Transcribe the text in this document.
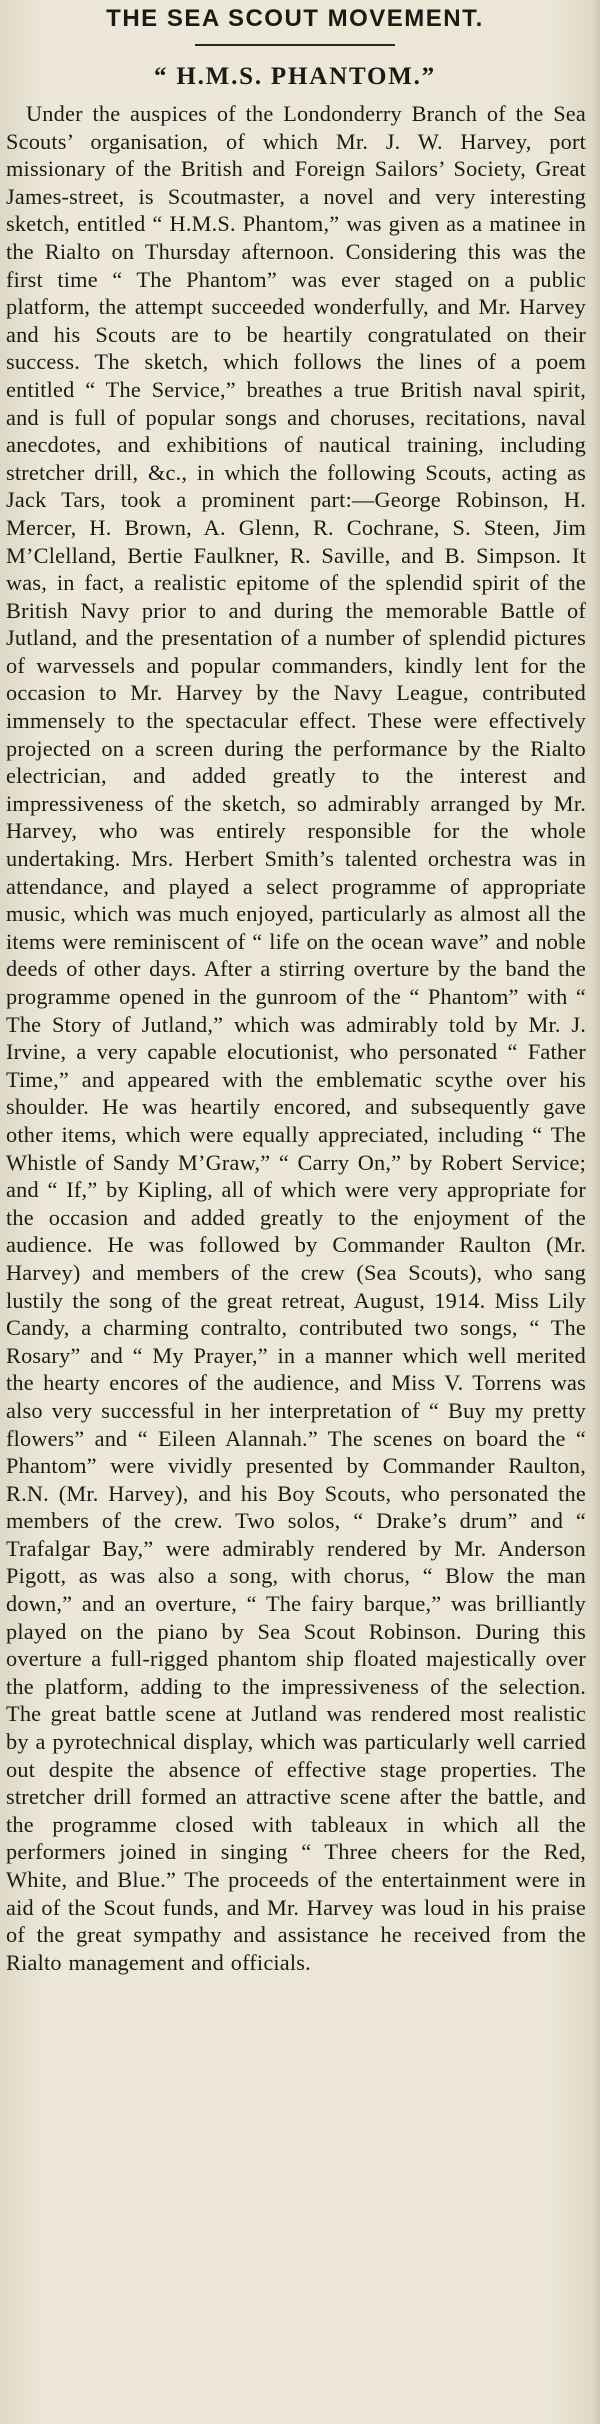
THE SEA SCOUT MOVEMENT.
“ H.M.S. PHANTOM.”

Under the auspices of the Londonderry Branch of the Sea Scouts’ organisation, of which Mr. J. W. Harvey, port missionary of the British and Foreign Sailors’ Society, Great James-street, is Scoutmaster, a novel and very interesting sketch, entitled “ H.M.S. Phantom,” was given as a matinee in the Rialto on Thursday afternoon. Considering this was the first time “ The Phantom” was ever staged on a public platform, the attempt succeeded wonderfully, and Mr. Harvey and his Scouts are to be heartily congratulated on their success. The sketch, which follows the lines of a poem entitled “ The Service,” breathes a true British naval spirit, and is full of popular songs and choruses, recitations, naval anecdotes, and exhibitions of nautical training, including stretcher drill, &c., in which the following Scouts, acting as Jack Tars, took a prominent part:—George Robinson, H. Mercer, H. Brown, A. Glenn, R. Cochrane, S. Steen, Jim M’Clelland, Bertie Faulkner, R. Saville, and B. Simpson. It was, in fact, a realistic epitome of the splendid spirit of the British Navy prior to and during the memorable Battle of Jutland, and the presentation of a number of splendid pictures of warvessels and popular commanders, kindly lent for the occasion to Mr. Harvey by the Navy League, contributed immensely to the spectacular effect. These were effectively projected on a screen during the performance by the Rialto electrician, and added greatly to the interest and impressiveness of the sketch, so admirably arranged by Mr. Harvey, who was entirely responsible for the whole undertaking. Mrs. Herbert Smith’s talented orchestra was in attendance, and played a select programme of appropriate music, which was much enjoyed, particularly as almost all the items were reminiscent of “ life on the ocean wave” and noble deeds of other days. After a stirring overture by the band the programme opened in the gunroom of the “ Phantom” with “ The Story of Jutland,” which was admirably told by Mr. J. Irvine, a very capable elocutionist, who personated “ Father Time,” and appeared with the emblematic scythe over his shoulder. He was heartily encored, and subsequently gave other items, which were equally appreciated, including “ The Whistle of Sandy M’Graw,” “ Carry On,” by Robert Service; and “ If,” by Kipling, all of which were very appropriate for the occasion and added greatly to the enjoyment of the audience. He was followed by Commander Raulton (Mr. Harvey) and members of the crew (Sea Scouts), who sang lustily the song of the great retreat, August, 1914. Miss Lily Candy, a charming contralto, contributed two songs, “ The Rosary” and “ My Prayer,” in a manner which well merited the hearty encores of the audience, and Miss V. Torrens was also very successful in her interpretation of “ Buy my pretty flowers” and “ Eileen Alannah.” The scenes on board the “ Phantom” were vividly presented by Commander Raulton, R.N. (Mr. Harvey), and his Boy Scouts, who personated the members of the crew. Two solos, “ Drake’s drum” and “ Trafalgar Bay,” were admirably rendered by Mr. Anderson Pigott, as was also a song, with chorus, “ Blow the man down,” and an overture, “ The fairy barque,” was brilliantly played on the piano by Sea Scout Robinson. During this overture a full-rigged phantom ship floated majestically over the platform, adding to the impressiveness of the selection. The great battle scene at Jutland was rendered most realistic by a pyrotechnical display, which was particularly well carried out despite the absence of effective stage properties. The stretcher drill formed an attractive scene after the battle, and the programme closed with tableaux in which all the performers joined in singing “ Three cheers for the Red, White, and Blue.” The proceeds of the entertainment were in aid of the Scout funds, and Mr. Harvey was loud in his praise of the great sympathy and assistance he received from the Rialto management and officials.
